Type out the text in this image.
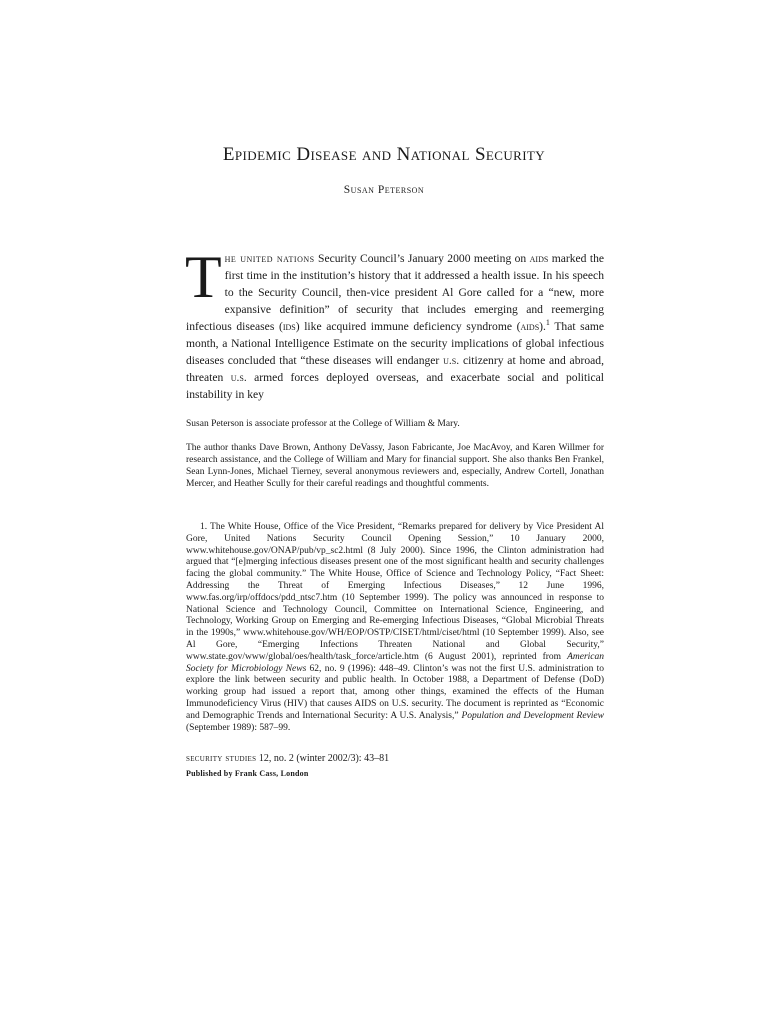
Epidemic Disease and National Security
Susan Peterson
The united nations Security Council’s January 2000 meeting on aids marked the first time in the institution’s history that it addressed a health issue. In his speech to the Security Council, then-vice president Al Gore called for a “new, more expansive definition” of security that includes emerging and reemerging infectious diseases (ids) like acquired immune deficiency syndrome (aids).$^1$ That same month, a National Intelligence Estimate on the security implications of global infectious diseases concluded that “these diseases will endanger u.s. citizenry at home and abroad, threaten u.s. armed forces deployed overseas, and exacerbate social and political instability in key
Susan Peterson is associate professor at the College of William & Mary.
The author thanks Dave Brown, Anthony DeVassy, Jason Fabricante, Joe MacAvoy, and Karen Willmer for research assistance, and the College of William and Mary for financial support. She also thanks Ben Frankel, Sean Lynn-Jones, Michael Tierney, several anonymous reviewers and, especially, Andrew Cortell, Jonathan Mercer, and Heather Scully for their careful readings and thoughtful comments.
1. The White House, Office of the Vice President, “Remarks prepared for delivery by Vice President Al Gore, United Nations Security Council Opening Session,” 10 January 2000, www.whitehouse.gov/ONAP/pub/vp_sc2.html (8 July 2000). Since 1996, the Clinton administration had argued that “[e]merging infectious diseases present one of the most significant health and security challenges facing the global community.” The White House, Office of Science and Technology Policy, “Fact Sheet: Addressing the Threat of Emerging Infectious Diseases,” 12 June 1996, www.fas.org/irp/offdocs/pdd_ntsc7.htm (10 September 1999). The policy was announced in response to National Science and Technology Council, Committee on International Science, Engineering, and Technology, Working Group on Emerging and Re-emerging Infectious Diseases, “Global Microbial Threats in the 1990s,” www.whitehouse.gov/WH/EOP/OSTP/CISET/html/ciset/html (10 September 1999). Also, see Al Gore, “Emerging Infections Threaten National and Global Security,” www.state.gov/www/global/oes/health/task_force/article.htm (6 August 2001), reprinted from American Society for Microbiology News 62, no. 9 (1996): 448–49. Clinton’s was not the first U.S. administration to explore the link between security and public health. In October 1988, a Department of Defense (DoD) working group had issued a report that, among other things, examined the effects of the Human Immunodeficiency Virus (HIV) that causes AIDS on U.S. security. The document is reprinted as “Economic and Demographic Trends and International Security: A U.S. Analysis,” Population and Development Review (September 1989): 587–99.
security studies 12, no. 2 (winter 2002/3): 43–81
Published by Frank Cass, London
